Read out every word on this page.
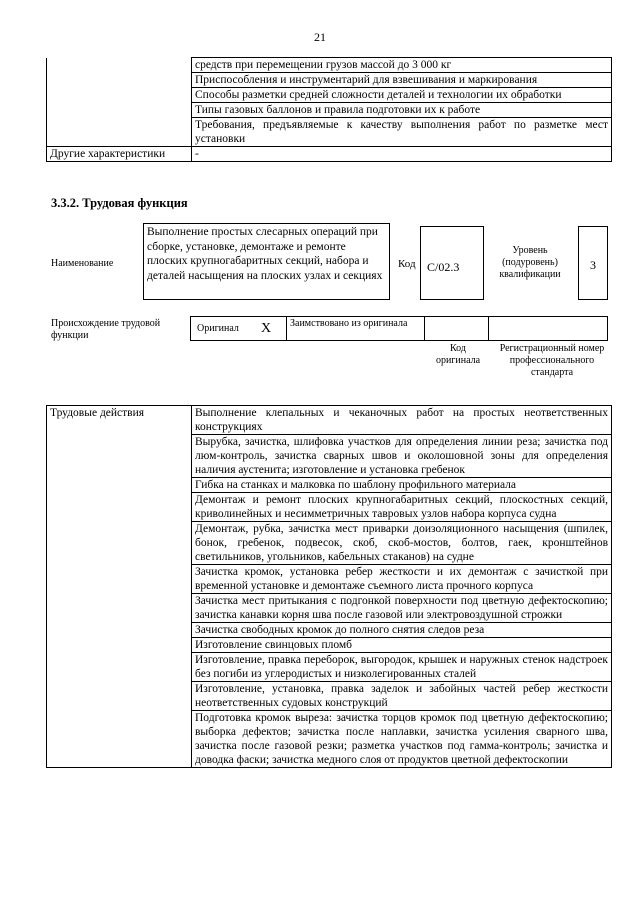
21
	средств при перемещении грузов массой до 3 000 кг
	Приспособления и инструментарий для взвешивания и маркирования
	Способы разметки средней сложности деталей и технологии их обработки
	Типы газовых баллонов и правила подготовки их к работе
	Требования, предъявляемые к качеству выполнения работ по разметке мест установки
Другие характеристики	-
3.3.2. Трудовая функция
Наименование
Выполнение простых слесарных операций при сборке, установке, демонтаже и ремонте плоских крупногабаритных секций, набора и деталей насыщения на плоских узлах и секциях
Код C/02.3
Уровень (подуровень) квалификации
3
Происхождение трудовой функции
Оригинал X	Заимствовано из оригинала
Код оригинала
Регистрационный номер профессионального стандарта
Трудовые действия	Выполнение клепальных и чеканочных работ на простых неответственных конструкциях
Вырубка, зачистка, шлифовка участков для определения линии реза; зачистка под люм-контроль, зачистка сварных швов и околошовной зоны для определения наличия аустенита; изготовление и установка гребенок
Гибка на станках и малковка по шаблону профильного материала
Демонтаж и ремонт плоских крупногабаритных секций, плоскостных секций, криволинейных и несимметричных тавровых узлов набора корпуса судна
Демонтаж, рубка, зачистка мест приварки доизоляционного насыщения (шпилек, бонок, гребенок, подвесок, скоб, скоб-мостов, болтов, гаек, кронштейнов светильников, угольников, кабельных стаканов) на судне
Зачистка кромок, установка ребер жесткости и их демонтаж с зачисткой при временной установке и демонтаже съемного листа прочного корпуса
Зачистка мест притыкания с подгонкой поверхности под цветную дефектоскопию; зачистка канавки корня шва после газовой или электровоздушной строжки
Зачистка свободных кромок до полного снятия следов реза
Изготовление свинцовых пломб
Изготовление, правка переборок, выгородок, крышек и наружных стенок надстроек без погиби из углеродистых и низколегированных сталей
Изготовление, установка, правка заделок и забойных частей ребер жесткости неответственных судовых конструкций
Подготовка кромок выреза: зачистка торцов кромок под цветную дефектоскопию; выборка дефектов; зачистка после наплавки, зачистка усиления сварного шва, зачистка после газовой резки; разметка участков под гамма-контроль; зачистка и доводка фаски; зачистка медного слоя от продуктов цветной дефектоскопии
